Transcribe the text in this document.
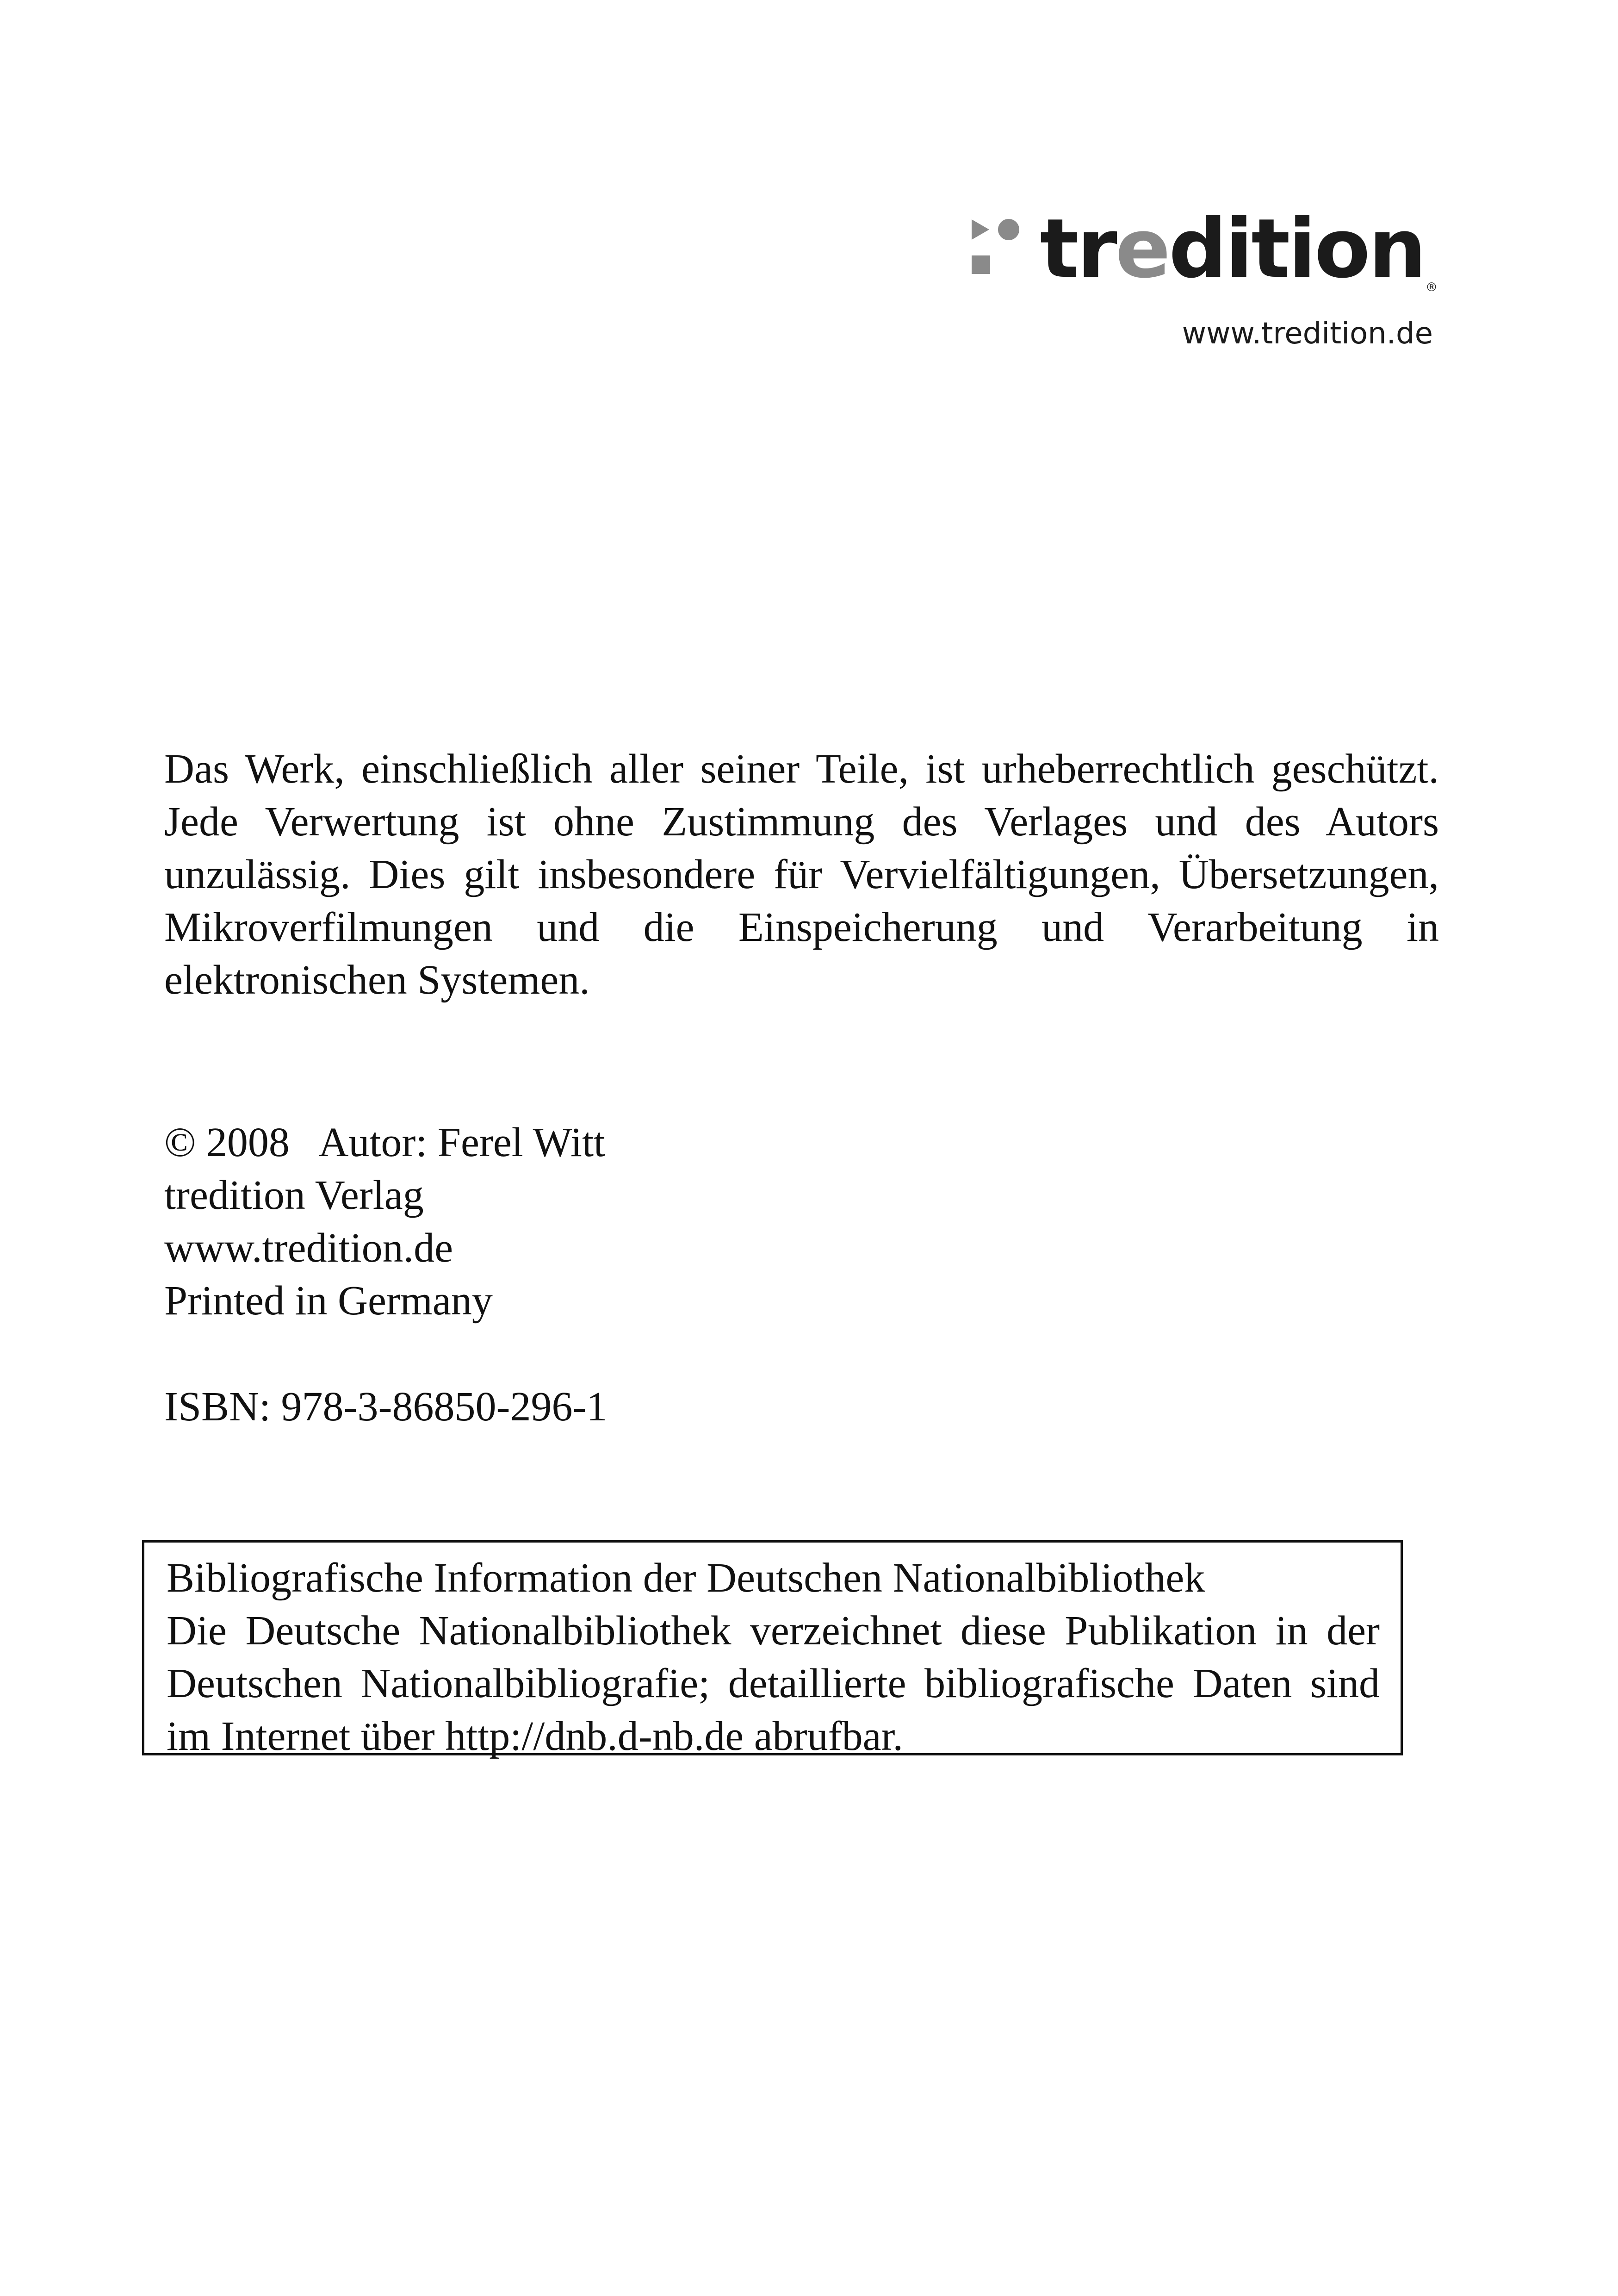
tredition ®
www.tredition.de

Das Werk, einschließlich aller seiner Teile, ist urheberrechtlich geschützt. Jede Verwertung ist ohne Zustimmung des Verlages und des Autors unzulässig. Dies gilt insbesondere für Vervielfältigungen, Übersetzungen, Mikroverfilmungen und die Einspeicherung und Verarbeitung in elektronischen Systemen.

© 2008   Autor: Ferel Witt
tredition Verlag
www.tredition.de
Printed in Germany
ISBN: 978-3-86850-296-1
Bibliografische Information der Deutschen Nationalbibliothek
Die Deutsche Nationalbibliothek verzeichnet diese Publikation in der Deutschen Nationalbibliografie; detaillierte bibliografische Daten sind im Internet über http://dnb.d-nb.de abrufbar.
